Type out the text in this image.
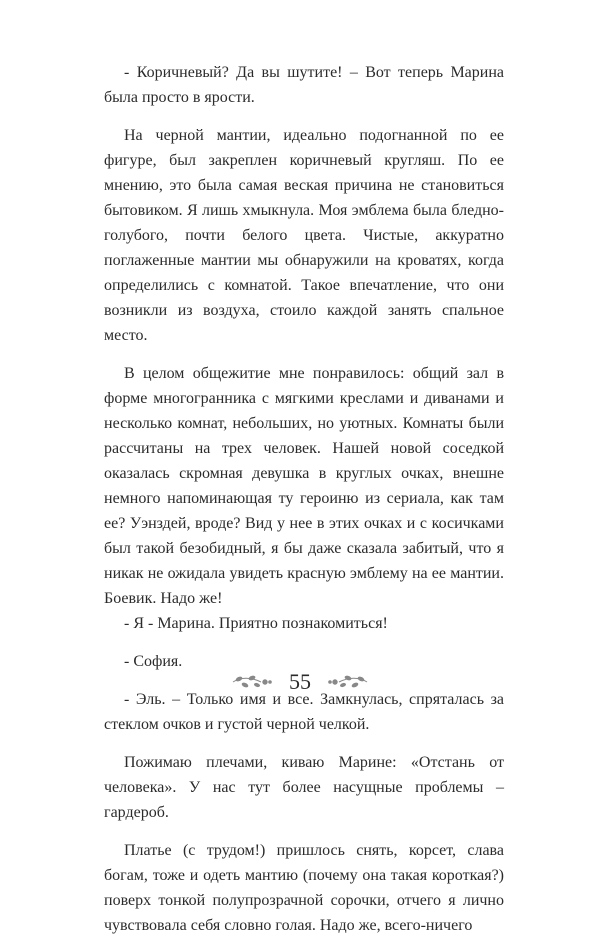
- Коричневый? Да вы шутите! – Вот теперь Марина была просто в ярости.

На черной мантии, идеально подогнанной по ее фигуре, был закреплен коричневый кругляш. По ее мнению, это была самая веская причина не становиться бытовиком. Я лишь хмыкнула. Моя эмблема была бледно-голубого, почти белого цвета. Чистые, аккуратно поглаженные мантии мы обнаружили на кроватях, когда определились с комнатой. Такое впечатление, что они возникли из воздуха, стоило каждой занять спальное место.

В целом общежитие мне понравилось: общий зал в форме многогранника с мягкими креслами и диванами и несколько комнат, небольших, но уютных. Комнаты были рассчитаны на трех человек. Нашей новой соседкой оказалась скромная девушка в круглых очках, внешне немного напоминающая ту героиню из сериала, как там ее? Уэнздей, вроде? Вид у нее в этих очках и с косичками был такой безобидный, я бы даже сказала забитый, что я никак не ожидала увидеть красную эмблему на ее мантии. Боевик. Надо же!

- Я - Марина. Приятно познакомиться!

- София.

- Эль. – Только имя и все. Замкнулась, спряталась за стеклом очков и густой черной челкой.

Пожимаю плечами, киваю Марине: «Отстань от человека». У нас тут более насущные проблемы – гардероб.

Платье (с трудом!) пришлось снять, корсет, слава богам, тоже и одеть мантию (почему она такая короткая?) поверх тонкой полупрозрачной сорочки, отчего я лично чувствовала себя словно голая. Надо же, всего-ничего

55
